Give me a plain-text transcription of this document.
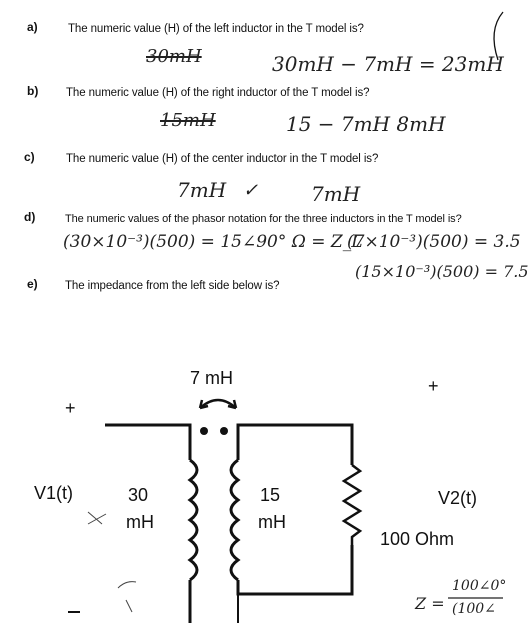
a)	The numeric value (H) of the left inductor in the T model is?
b) The numeric value (H) of the right inductor of the T model is?
c)	The numeric value (H) of the center inductor in the T model is?
d)	The numeric values of the phasor notation for the three inductors in the T model is?
e) The impedance from the left side below is?
30mH	30mH − 7mH = 23mH
15mH	15 − 7mH 8mH
7mH ✓	7mH
(30×10⁻³)(500) = 15∠90° Ω = Z_L
(7×10⁻³)(500) = 3.5
(15×10⁻³)(500) = 7.5
7 mH
+
+
V1(t)	V2(t)
30
mH
15
mH
100 Ohm
Z =
100∠0°
(100∠
